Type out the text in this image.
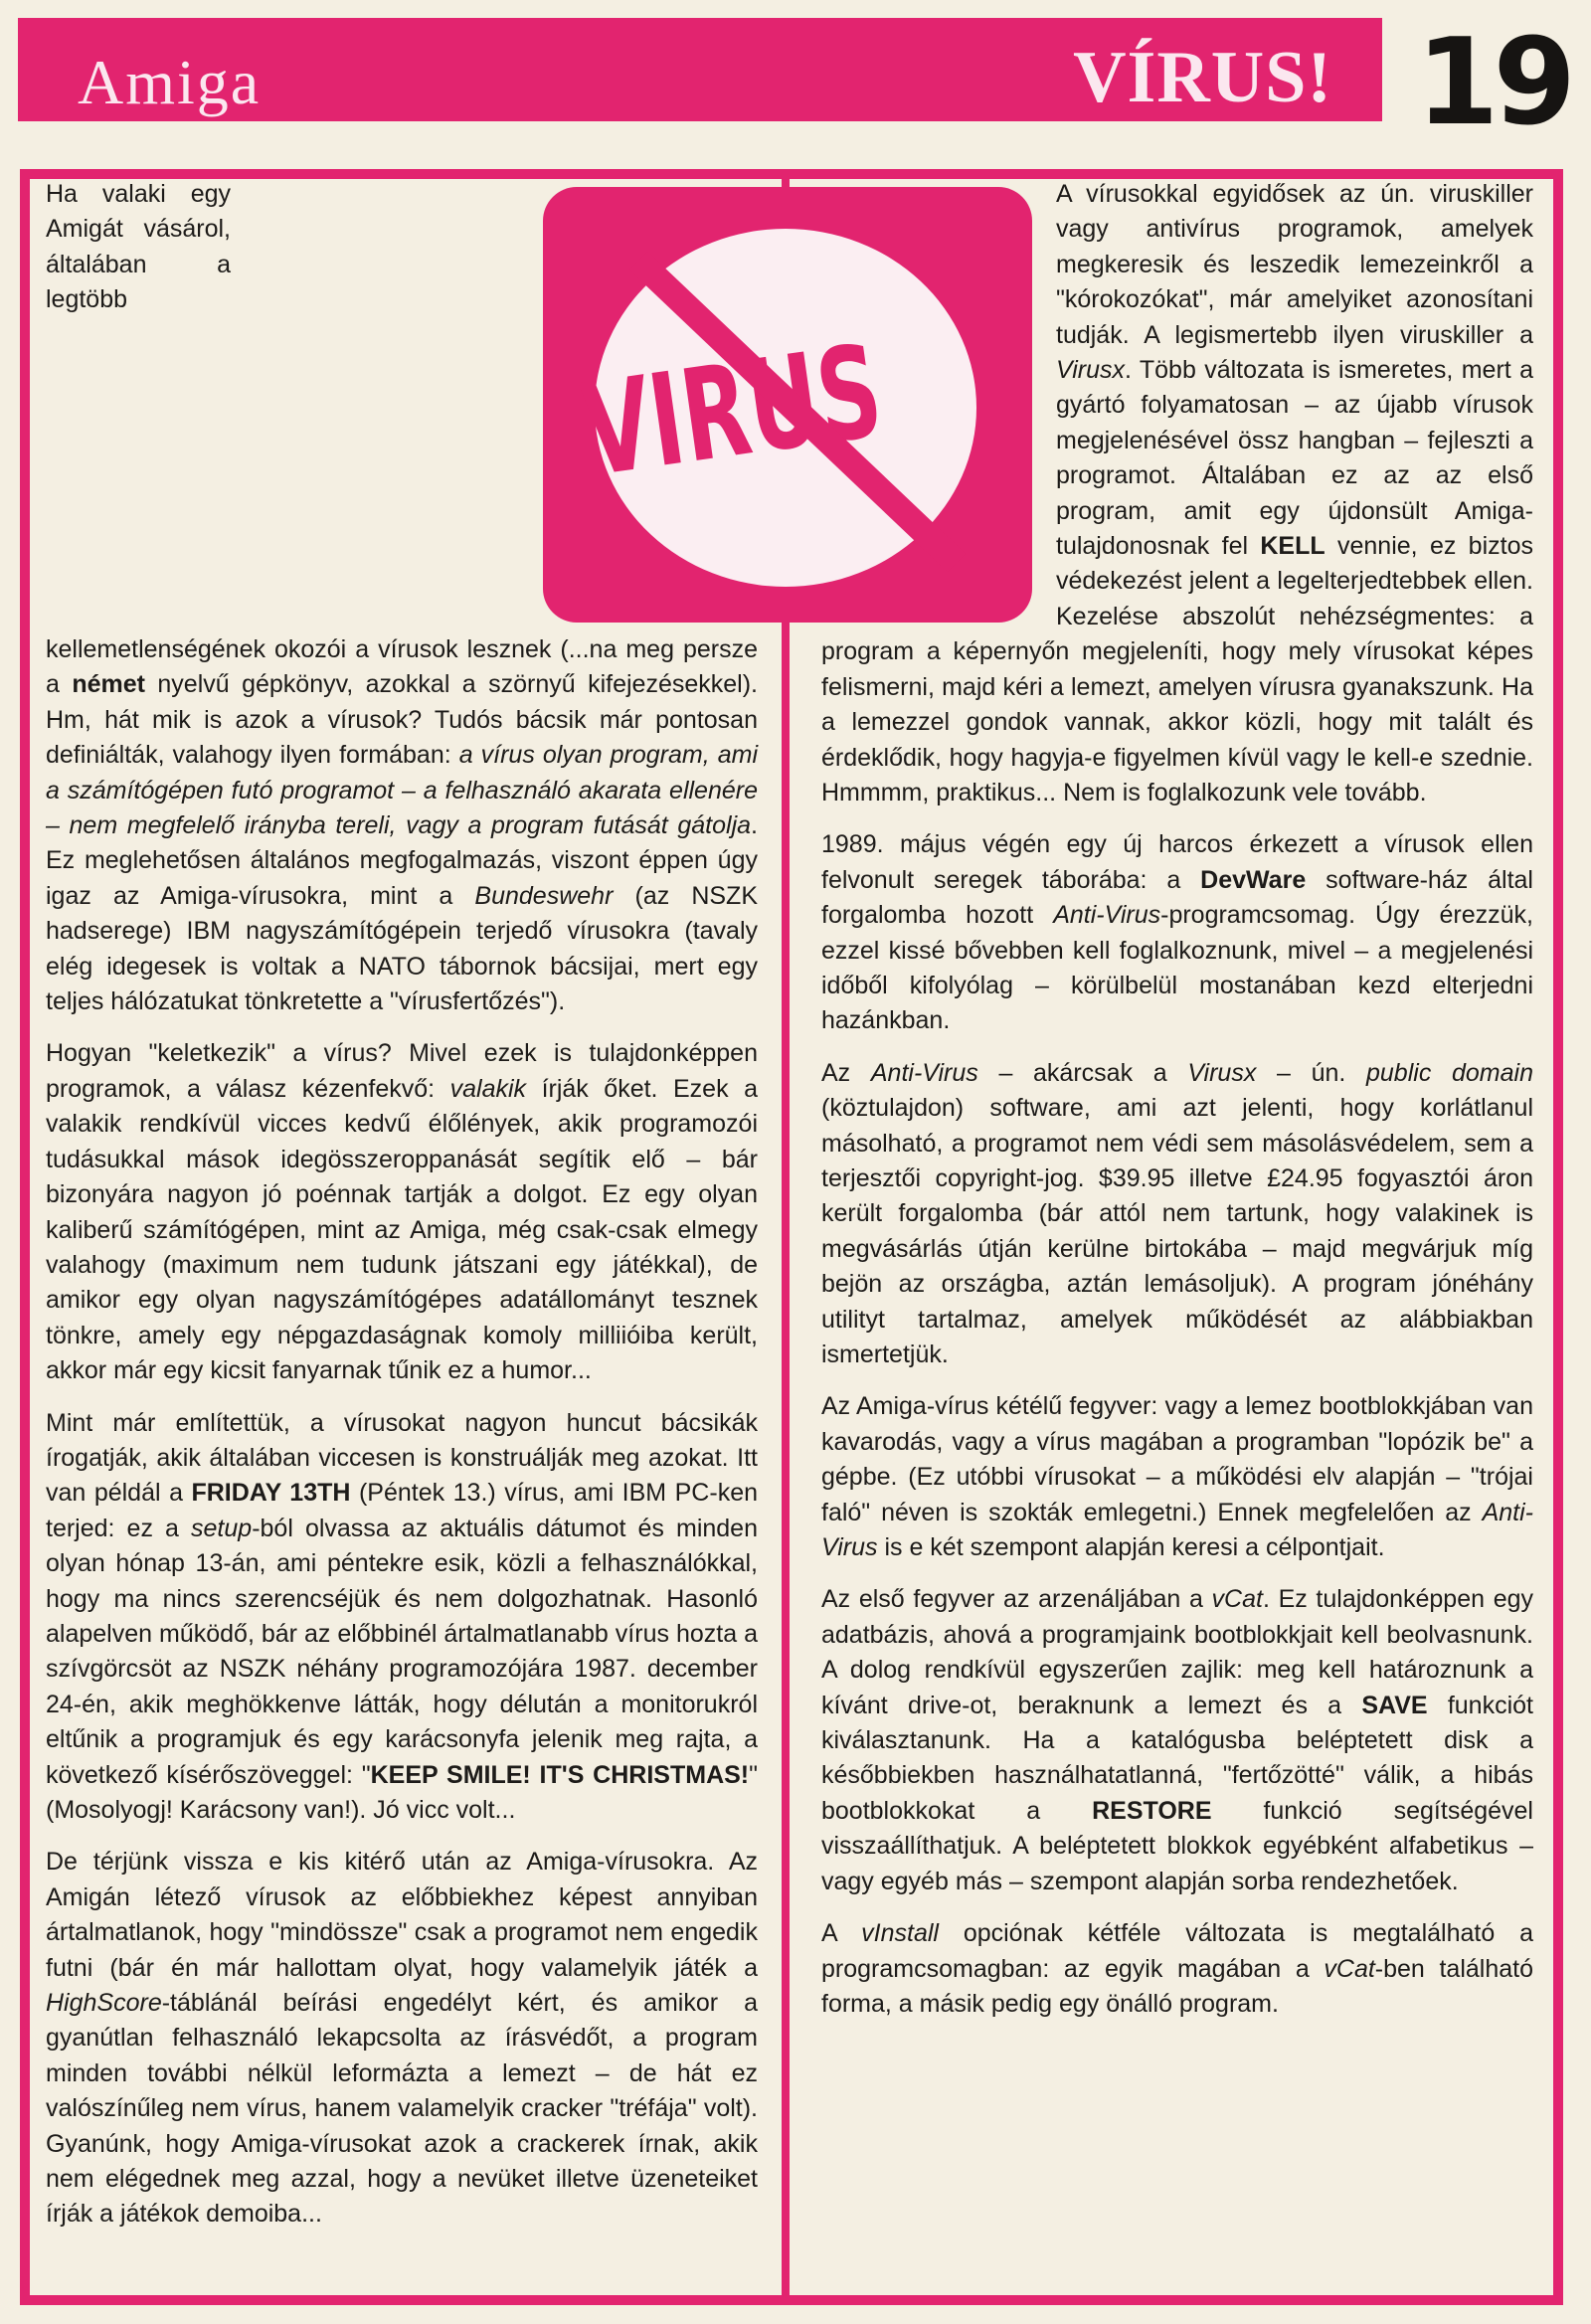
Amiga	VÍRUS! 19

Ha valaki egy Amigát vásárol, általában a legtöbb kellemetlenségének okozói a vírusok lesznek (...na meg persze a német nyelvű gépkönyv, azokkal a szörnyű kifejezésekkel). Hm, hát mik is azok a vírusok? Tudós bácsik már pontosan definiálták, valahogy ilyen formában: a vírus olyan program, ami a számítógépen futó programot – a felhasználó akarata ellenére – nem megfelelő irányba tereli, vagy a program futását gátolja. Ez meglehetősen általános megfogalmazás, viszont éppen úgy igaz az Amiga-vírusokra, mint a Bundeswehr (az NSZK hadserege) IBM nagyszámítógépein terjedő vírusokra (tavaly elég idegesek is voltak a NATO tábornok bácsijai, mert egy teljes hálózatukat tönkretette a "vírusfertőzés").

Hogyan "keletkezik" a vírus? Mivel ezek is tulajdonképpen programok, a válasz kézenfekvő: valakik írják őket. Ezek a valakik rendkívül vicces kedvű élőlények, akik programozói tudásukkal mások idegösszeroppanását segítik elő – bár bizonyára nagyon jó poénnak tartják a dolgot. Ez egy olyan kaliberű számítógépen, mint az Amiga, még csak-csak elmegy valahogy (maximum nem tudunk játszani egy játékkal), de amikor egy olyan nagyszámítógépes adatállományt tesznek tönkre, amely egy népgazdaságnak komoly milliióiba került, akkor már egy kicsit fanyarnak tűnik ez a humor...

Mint már említettük, a vírusokat nagyon huncut bácsikák írogatják, akik általában viccesen is konstruálják meg azokat. Itt van példál a FRIDAY 13TH (Péntek 13.) vírus, ami IBM PC-ken terjed: ez a setup-ból olvassa az aktuális dátumot és minden olyan hónap 13-án, ami péntekre esik, közli a felhasználókkal, hogy ma nincs szerencséjük és nem dolgozhatnak. Hasonló alapelven működő, bár az előbbinél ártalmatlanabb vírus hozta a szívgörcsöt az NSZK néhány programozójára 1987. december 24-én, akik meghökkenve látták, hogy délután a monitorukról eltűnik a programjuk és egy karácsonyfa jelenik meg rajta, a következő kísérőszöveggel: "KEEP SMILE! IT'S CHRISTMAS!" (Mosolyogj! Karácsony van!). Jó vicc volt...

De térjünk vissza e kis kitérő után az Amiga-vírusokra. Az Amigán létező vírusok az előbbiekhez képest annyiban ártalmatlanok, hogy "mindössze" csak a programot nem engedik futni (bár én már hallottam olyat, hogy valamelyik játék a HighScore-táblánál beírási engedélyt kért, és amikor a gyanútlan felhasználó lekapcsolta az írásvédőt, a program minden további nélkül leformázta a lemezt – de hát ez valószínűleg nem vírus, hanem valamelyik cracker "tréfája" volt). Gyanúnk, hogy Amiga-vírusokat azok a crackerek írnak, akik nem elégednek meg azzal, hogy a nevüket illetve üzeneteiket írják a játékok demoiba...

A vírusokkal egyidősek az ún. viruskiller vagy antivírus programok, amelyek megkeresik és leszedik lemezeinkről a "kórokozókat", már amelyiket azonosítani tudják. A legismertebb ilyen viruskiller a Virusx. Több változata is ismeretes, mert a gyártó folyamatosan – az újabb vírusok megjelenésével össz hangban – fejleszti a programot. Általában ez az az első program, amit egy újdonsült Amiga-tulajdonosnak fel KELL vennie, ez biztos védekezést jelent a legelterjedtebbek ellen. Kezelése abszolút nehézségmentes: a program a képernyőn megjeleníti, hogy mely vírusokat képes felismerni, majd kéri a lemezt, amelyen vírusra gyanakszunk. Ha a lemezzel gondok vannak, akkor közli, hogy mit talált és érdeklődik, hogy hagyja-e figyelmen kívül vagy le kell-e szednie. Hmmmm, praktikus... Nem is foglalkozunk vele tovább.

1989. május végén egy új harcos érkezett a vírusok ellen felvonult seregek táborába: a DevWare software-ház által forgalomba hozott Anti-Virus-programcsomag. Úgy érezzük, ezzel kissé bővebben kell foglalkoznunk, mivel – a megjelenési időből kifolyólag – körülbelül mostanában kezd elterjedni hazánkban.

Az Anti-Virus – akárcsak a Virusx – ún. public domain (köztulajdon) software, ami azt jelenti, hogy korlátlanul másolható, a programot nem védi sem másolásvédelem, sem a terjesztői copyright-jog. $39.95 illetve £24.95 fogyasztói áron került forgalomba (bár attól nem tartunk, hogy valakinek is megvásárlás útján kerülne birtokába – majd megvárjuk míg bejön az országba, aztán lemásoljuk). A program jónéhány utilityt tartalmaz, amelyek működését az alábbiakban ismertetjük.

Az Amiga-vírus kétélű fegyver: vagy a lemez bootblokkjában van kavarodás, vagy a vírus magában a programban "lopózik be" a gépbe. (Ez utóbbi vírusokat – a működési elv alapján – "trójai faló" néven is szokták emlegetni.) Ennek megfelelően az Anti-Virus is e két szempont alapján keresi a célpontjait.

Az első fegyver az arzenáljában a vCat. Ez tulajdonképpen egy adatbázis, ahová a programjaink bootblokkjait kell beolvasnunk. A dolog rendkívül egyszerűen zajlik: meg kell határoznunk a kívánt drive-ot, beraknunk a lemezt és a SAVE funkciót kiválasztanunk. Ha a katalógusba beléptetett disk a későbbiekben használhatatlanná, "fertőzötté" válik, a hibás bootblokkokat a RESTORE funkció segítségével visszaállíthatjuk. A beléptetett blokkok egyébként alfabetikus – vagy egyéb más – szempont alapján sorba rendezhetőek.

A vInstall opciónak kétféle változata is megtalálható a programcsomagban: az egyik magában a vCat-ben található forma, a másik pedig egy önálló program.
